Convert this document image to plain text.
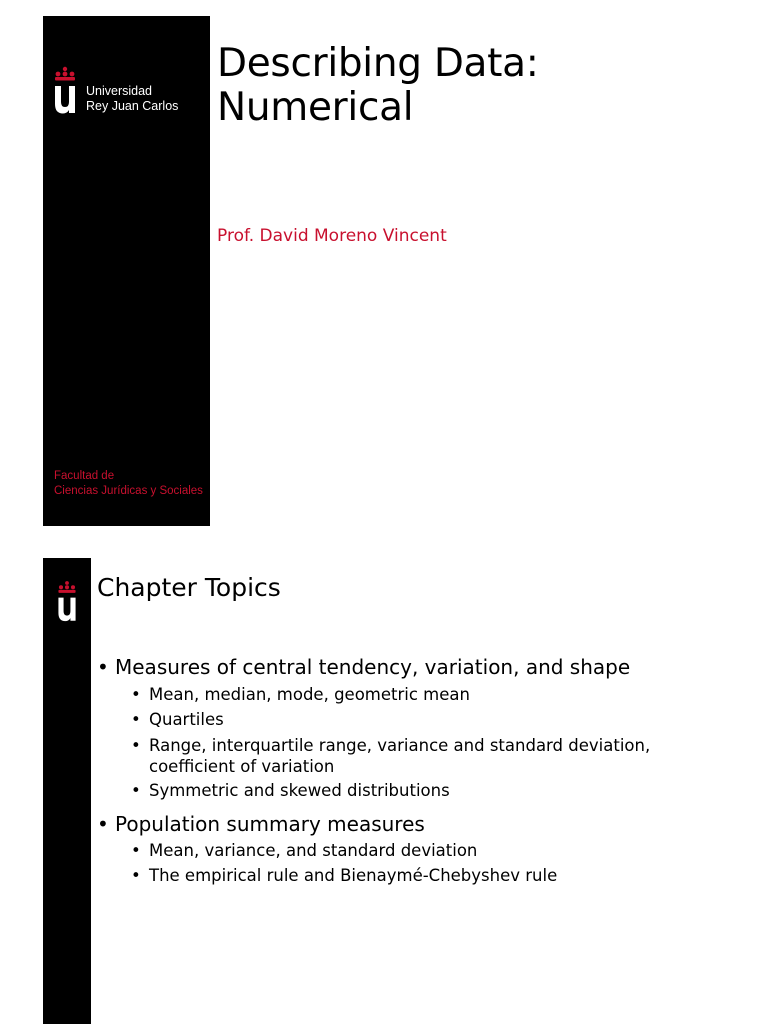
Universidad
Rey Juan Carlos
Facultad de
Ciencias Jurídicas y Sociales
Describing Data:
Numerical
Prof. David Moreno Vincent
Chapter Topics
• Measures of central tendency, variation, and shape
• Mean, median, mode, geometric mean
• Quartiles
• Range, interquartile range, variance and standard deviation,
coefficient of variation
• Symmetric and skewed distributions
• Population summary measures
• Mean, variance, and standard deviation
• The empirical rule and Bienaymé-Chebyshev rule
